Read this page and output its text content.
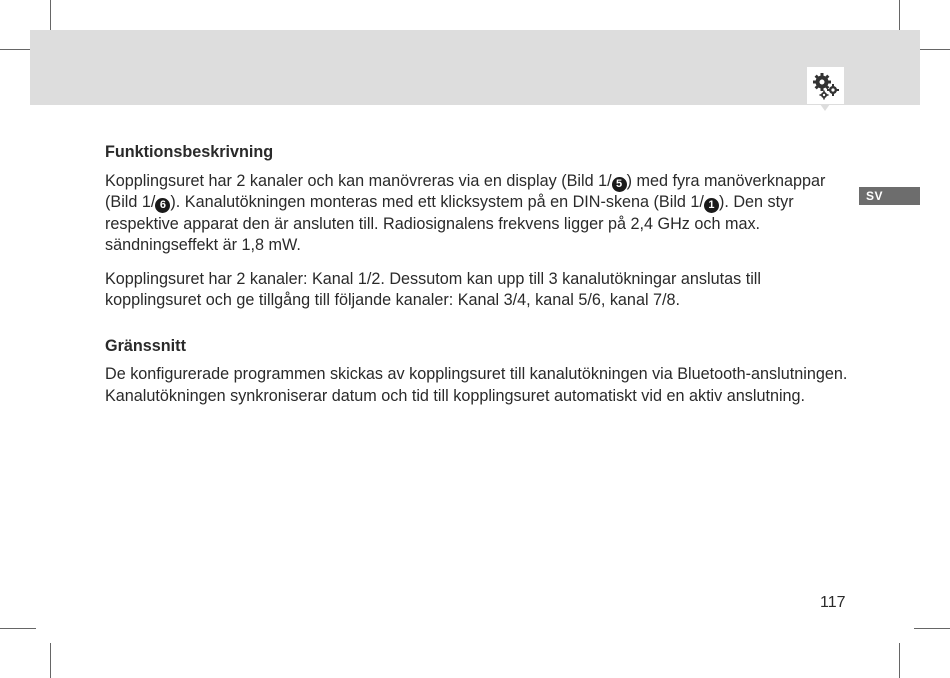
SV
Funktionsbeskrivning

Kopplingsuret har 2 kanaler och kan manövreras via en display (Bild 1/ 5 ) med fyra manöverknappar (Bild 1/ 6 ). Kanalutökningen monteras med ett klicksystem på en DIN-skena (Bild 1/ 1 ). Den styr respektive apparat den är ansluten till. Radiosignalens frekvens ligger på 2,4 GHz och max. sändningseffekt är 1,8 mW.

Kopplingsuret har 2 kanaler: Kanal 1/2. Dessutom kan upp till 3 kanalutökningar anslutas till kopplingsuret och ge tillgång till följande kanaler: Kanal 3/4, kanal 5/6, kanal 7/8.

Gränssnitt

De konfigurerade programmen skickas av kopplingsuret till kanalutökningen via Bluetooth-anslutningen. Kanalutökningen synkroniserar datum och tid till kopplingsuret automatiskt vid en aktiv anslutning.

117
